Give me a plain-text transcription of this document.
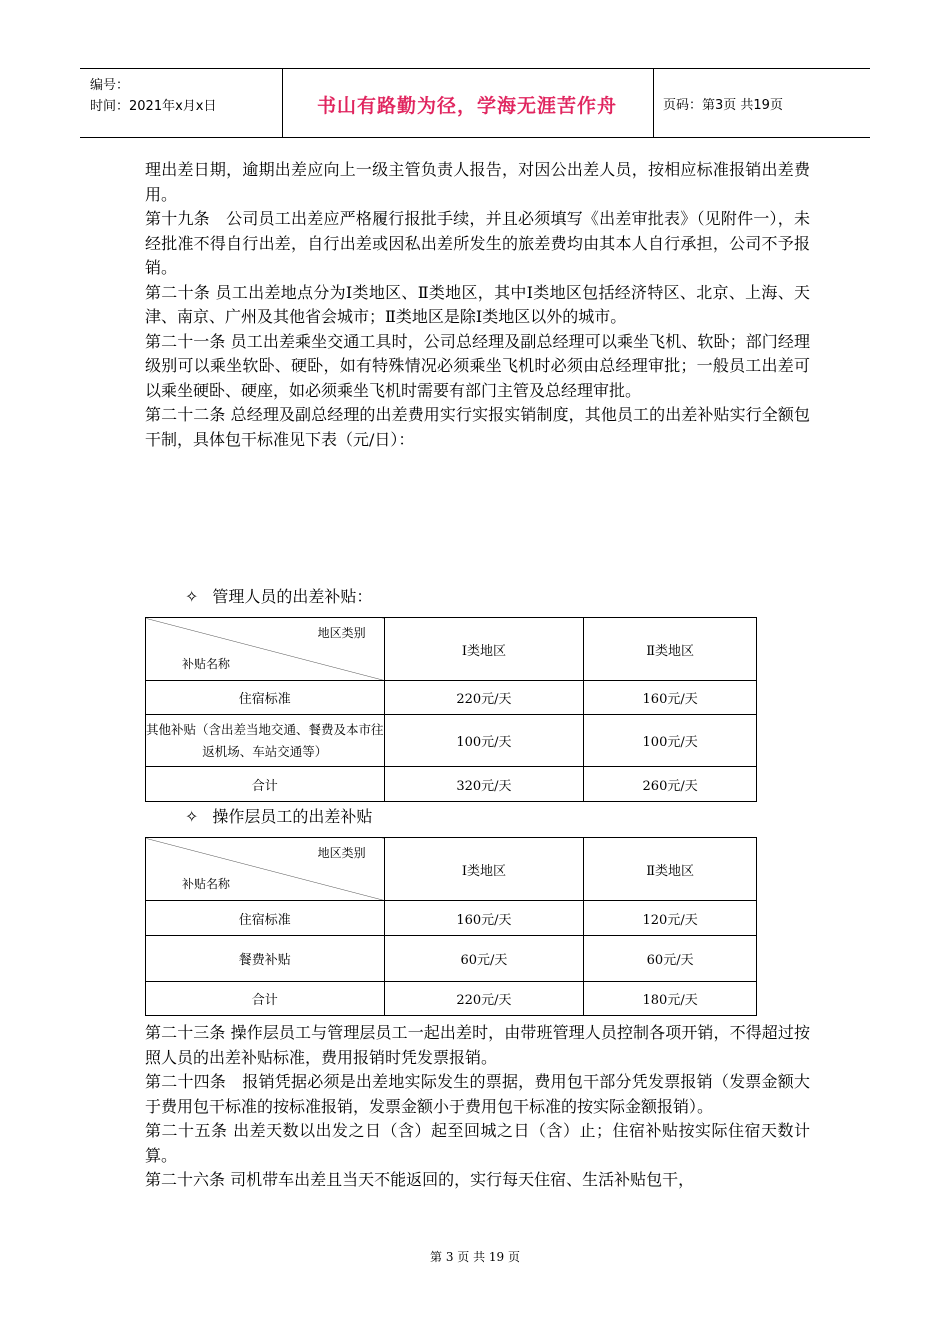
编号：
时间：2021年x月x日	书山有路勤为径，学海无涯苦作舟	页码：第3页 共19页

理出差日期，逾期出差应向上一级主管负责人报告，对因公出差人员，按相应标准报销出差费用。

第十九条　公司员工出差应严格履行报批手续，并且必须填写《出差审批表》（见附件一），未经批准不得自行出差，自行出差或因私出差所发生的旅差费均由其本人自行承担，公司不予报销。

第二十条 员工出差地点分为Ⅰ类地区、Ⅱ类地区，其中Ⅰ类地区包括经济特区、北京、上海、天津、南京、广州及其他省会城市；Ⅱ类地区是除Ⅰ类地区以外的城市。

第二十一条 员工出差乘坐交通工具时，公司总经理及副总经理可以乘坐飞机、软卧；部门经理级别可以乘坐软卧、硬卧，如有特殊情况必须乘坐飞机时必须由总经理审批；一般员工出差可以乘坐硬卧、硬座，如必须乘坐飞机时需要有部门主管及总经理审批。

第二十二条 总经理及副总经理的出差费用实行实报实销制度，其他员工的出差补贴实行全额包干制，具体包干标准见下表（元/日）：

✧ 管理人员的出差补贴：
地区类别
补贴名称	Ⅰ类地区	Ⅱ类地区
住宿标准	220元/天	160元/天
其他补贴（含出差当地交通、餐费及本市往返机场、车站交通等）	100元/天	100元/天
合计	320元/天	260元/天
✧ 操作层员工的出差补贴
地区类别
补贴名称	Ⅰ类地区	Ⅱ类地区
住宿标准	160元/天	120元/天
餐费补贴	60元/天	60元/天
合计	220元/天	180元/天

第二十三条 操作层员工与管理层员工一起出差时，由带班管理人员控制各项开销，不得超过按照人员的出差补贴标准，费用报销时凭发票报销。

第二十四条　报销凭据必须是出差地实际发生的票据，费用包干部分凭发票报销（发票金额大于费用包干标准的按标准报销，发票金额小于费用包干标准的按实际金额报销）。

第二十五条 出差天数以出发之日（含）起至回城之日（含）止；住宿补贴按实际住宿天数计算。

第二十六条 司机带车出差且当天不能返回的，实行每天住宿、生活补贴包干，

第 3 页 共 19 页
